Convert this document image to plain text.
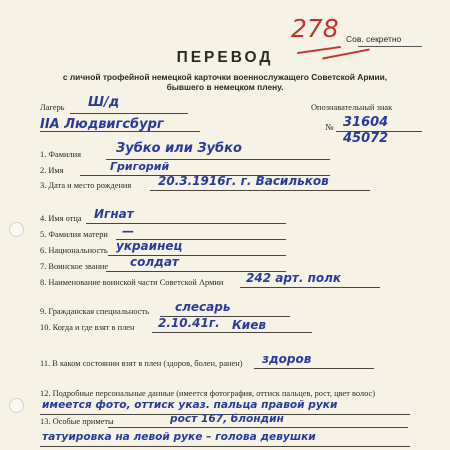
Сов. секретно
278
ПЕРЕВОД
с личной трофейной немецкой карточки военнослужащего Советской Армии,
бывшего в немецком плену.
Лагерь Ш/д	Опознавательный знак
IIA Людвигсбург	№ 31604
45072
1. Фамилия	Зубко или Зубко
2. Имя	Григорий
3. Дата и место рождения 20.3.1916г. г. Васильков
4. Имя отца Игнат
5. Фамилия матери —
6. Национальность украинец
7. Воинское звание солдат
8. Наименование воинской части Советской Армии 242 арт. полк
9. Гражданская специальность слесарь
10. Когда и где взят в плен 2.10.41г. Киев
11. В каком состоянии взят в плен (здоров, болен, ранен) здоров
12. Подробные персональные данные (имеется фотография, оттиск пальцев, рост, цвет волос)
имеется фото, оттиск указ. пальца правой руки
13. Особые приметы	рост 167, блондин
татуировка на левой руке – голова девушки
